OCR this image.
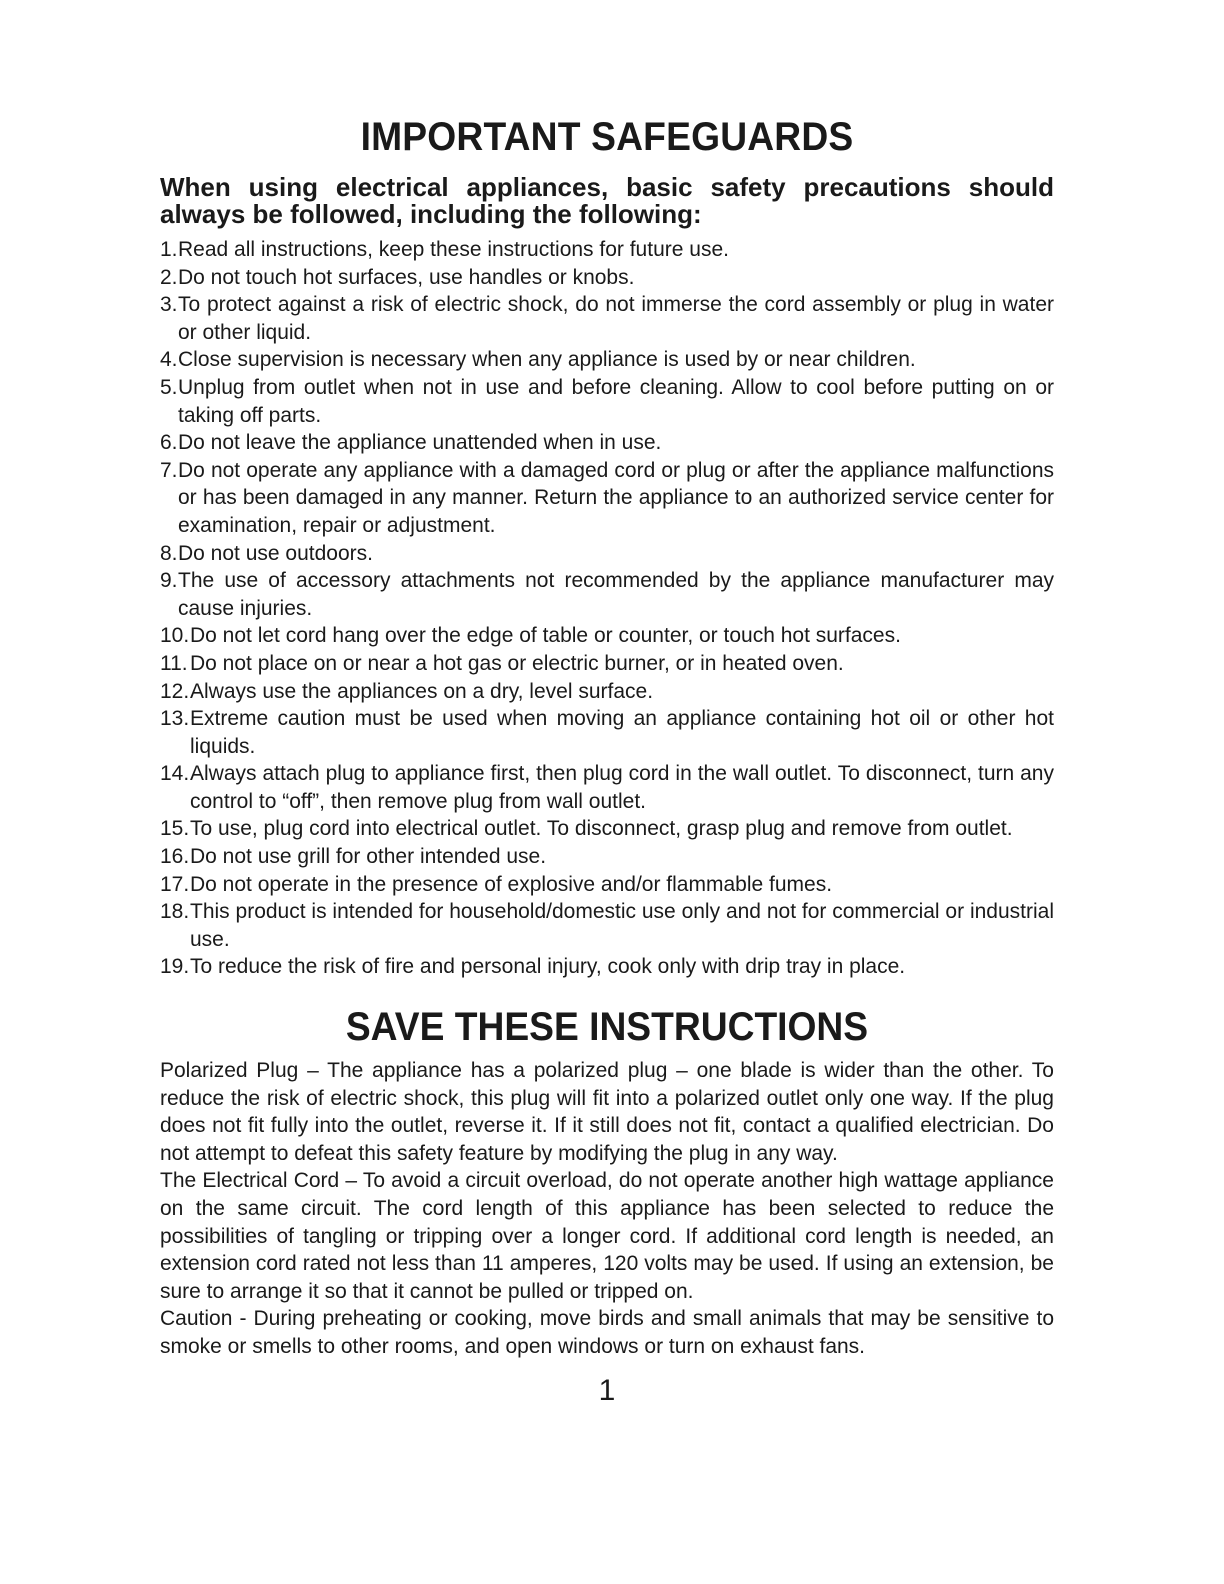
IMPORTANT SAFEGUARDS

When using electrical appliances, basic safety precautions should always be followed, including the following:

1. Read all instructions, keep these instructions for future use.
2. Do not touch hot surfaces, use handles or knobs.
3. To protect against a risk of electric shock, do not immerse the cord assembly or plug in water or other liquid.
4. Close supervision is necessary when any appliance is used by or near children.
5. Unplug from outlet when not in use and before cleaning. Allow to cool before putting on or taking off parts.
6. Do not leave the appliance unattended when in use.
7. Do not operate any appliance with a damaged cord or plug or after the appliance malfunctions or has been damaged in any manner. Return the appliance to an authorized service center for examination, repair or adjustment.
8. Do not use outdoors.
9. The use of accessory attachments not recommended by the appliance manufacturer may cause injuries.
10. Do not let cord hang over the edge of table or counter, or touch hot surfaces.
11. Do not place on or near a hot gas or electric burner, or in heated oven.
12. Always use the appliances on a dry, level surface.
13. Extreme caution must be used when moving an appliance containing hot oil or other hot liquids.
14. Always attach plug to appliance first, then plug cord in the wall outlet. To disconnect, turn any control to “off”, then remove plug from wall outlet.
15. To use, plug cord into electrical outlet. To disconnect, grasp plug and remove from outlet.
16. Do not use grill for other intended use.
17. Do not operate in the presence of explosive and/or flammable fumes.
18. This product is intended for household/domestic use only and not for commercial or industrial use.
19. To reduce the risk of fire and personal injury, cook only with drip tray in place.
SAVE THESE INSTRUCTIONS

Polarized Plug – The appliance has a polarized plug – one blade is wider than the other. To reduce the risk of electric shock, this plug will fit into a polarized outlet only one way. If the plug does not fit fully into the outlet, reverse it. If it still does not fit, contact a qualified electrician. Do not attempt to defeat this safety feature by modifying the plug in any way.

The Electrical Cord – To avoid a circuit overload, do not operate another high wattage appliance on the same circuit. The cord length of this appliance has been selected to reduce the possibilities of tangling or tripping over a longer cord. If additional cord length is needed, an extension cord rated not less than 11 amperes, 120 volts may be used. If using an extension, be sure to arrange it so that it cannot be pulled or tripped on.

Caution - During preheating or cooking, move birds and small animals that may be sensitive to smoke or smells to other rooms, and open windows or turn on exhaust fans.

1
